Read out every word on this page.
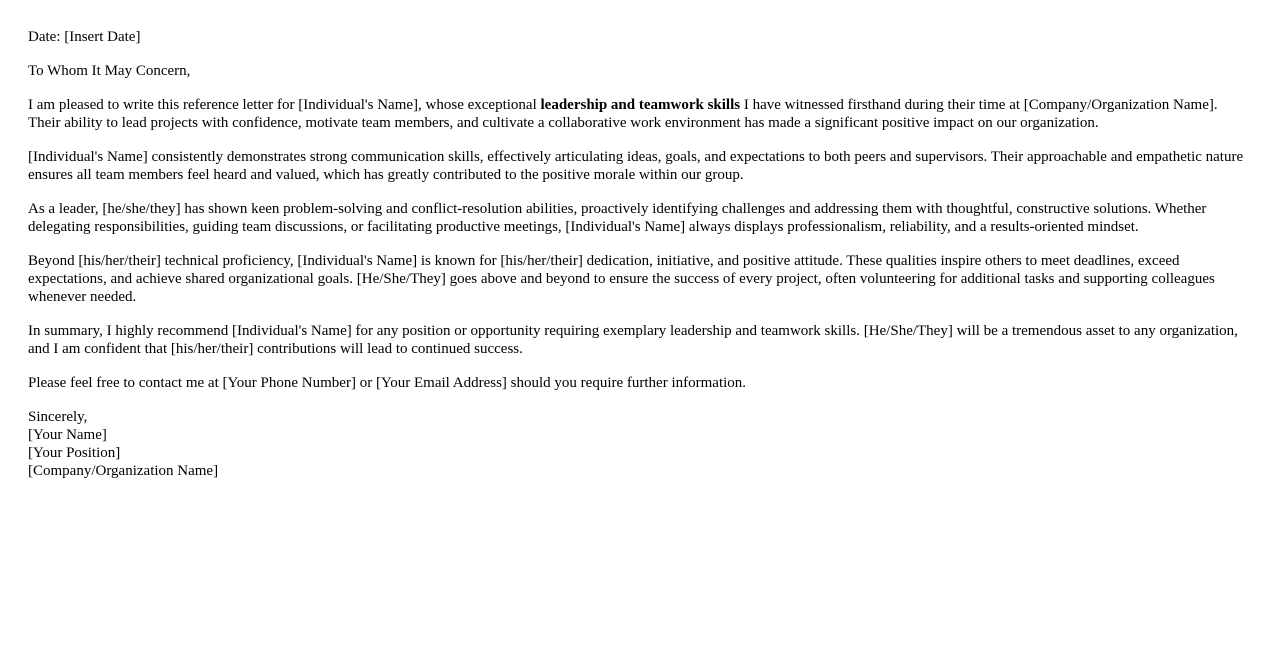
Date: [Insert Date]

To Whom It May Concern,

I am pleased to write this reference letter for [Individual's Name], whose exceptional leadership and teamwork skills I have witnessed firsthand during their time at [Company/Organization Name]. Their ability to lead projects with confidence, motivate team members, and cultivate a collaborative work environment has made a significant positive impact on our organization.

[Individual's Name] consistently demonstrates strong communication skills, effectively articulating ideas, goals, and expectations to both peers and supervisors. Their approachable and empathetic nature ensures all team members feel heard and valued, which has greatly contributed to the positive morale within our group.

As a leader, [he/she/they] has shown keen problem-solving and conflict-resolution abilities, proactively identifying challenges and addressing them with thoughtful, constructive solutions. Whether delegating responsibilities, guiding team discussions, or facilitating productive meetings, [Individual's Name] always displays professionalism, reliability, and a results-oriented mindset.

Beyond [his/her/their] technical proficiency, [Individual's Name] is known for [his/her/their] dedication, initiative, and positive attitude. These qualities inspire others to meet deadlines, exceed expectations, and achieve shared organizational goals. [He/She/They] goes above and beyond to ensure the success of every project, often volunteering for additional tasks and supporting colleagues whenever needed.

In summary, I highly recommend [Individual's Name] for any position or opportunity requiring exemplary leadership and teamwork skills. [He/She/They] will be a tremendous asset to any organization, and I am confident that [his/her/their] contributions will lead to continued success.

Please feel free to contact me at [Your Phone Number] or [Your Email Address] should you require further information.

Sincerely,
[Your Name]
[Your Position]
[Company/Organization Name]
